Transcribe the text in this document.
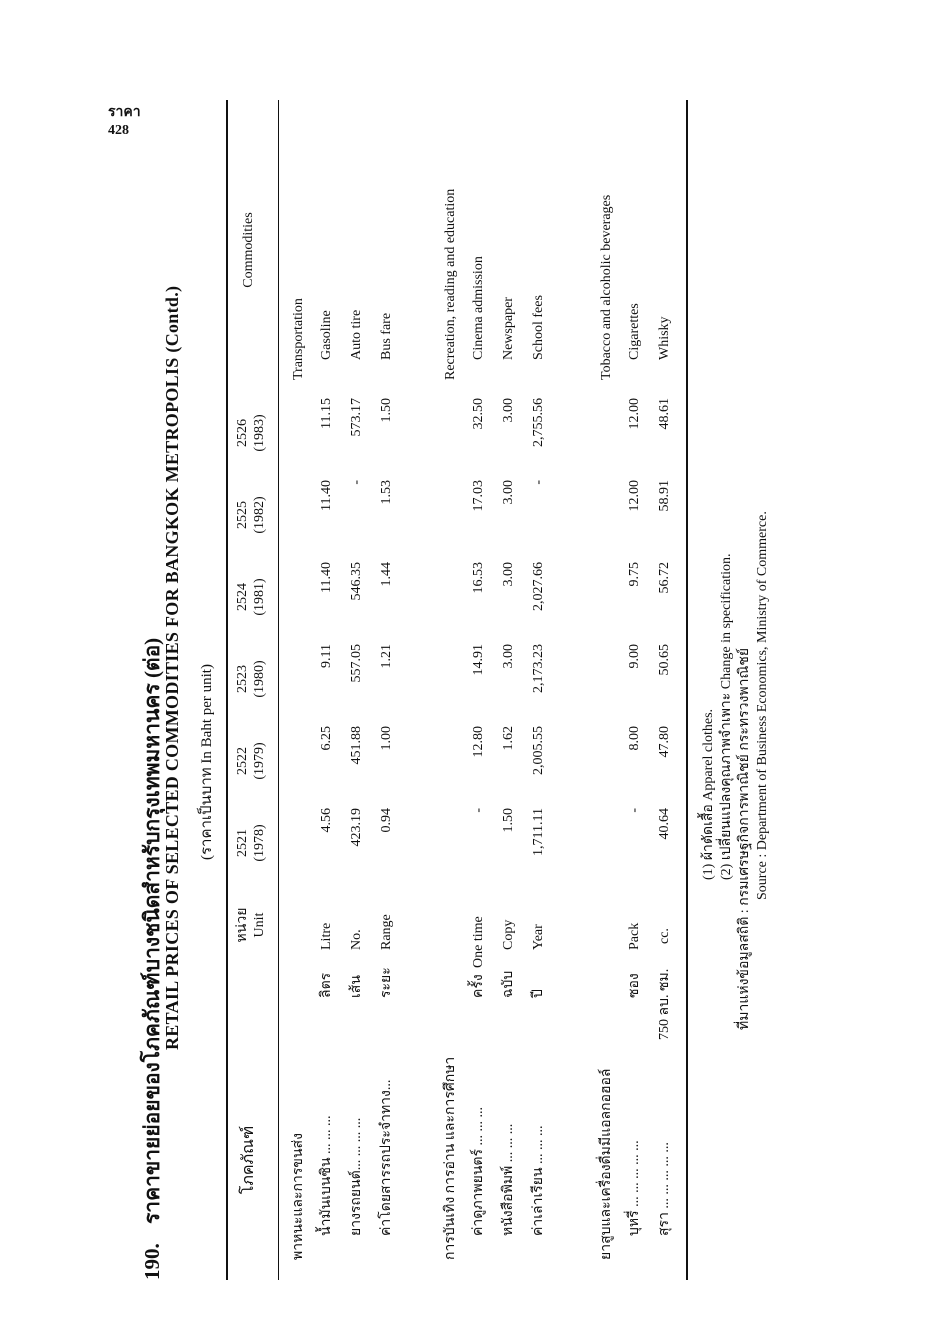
ราคา
428
190. ราคาขายย่อยของโภคภัณฑ์บางชนิดสำหรับกรุงเทพมหานคร (ต่อ)
RETAIL PRICES OF SELECTED COMMODITIES FOR BANGKOK METROPOLIS (Contd.)	(ราคาเป็นบาท In Baht per unit)
โภคภัณฑ์
หน่วย Unit
2521 (1978)
2522 (1979)
2523 (1980)
2524 (1981)
2525 (1982)
2526 (1983)
Commodities
พาหนะและการขนส่ง
Transportation
น้ำมันเบนซิน ... ... ...
ลิตร
Litre
4.56
6.25
9.11
11.40
11.40
11.15
Gasoline
ยางรถยนต์... ... ... ...
เส้น
No.
423.19
451.88
557.05
546.35
-
573.17
Auto tire
ค่าโดยสารรถประจำทาง...
ระยะ
Range
0.94
1.00
1.21
1.44
1.53
1.50
Bus fare
การบันเทิง การอ่าน และการศึกษา
Recreation, reading and education
ค่าดูภาพยนตร์ ... ... ...
ครั้ง
One time
-
12.80
14.91
16.53
17.03
32.50
Cinema admission
หนังสือพิมพ์ ... ... ...
ฉบับ
Copy
1.50
1.62
3.00
3.00
3.00
3.00
Newspaper
ค่าเล่าเรียน ... ... ...
ปี
Year
1,711.11
2,005.55
2,173.23
2,027.66
-
2,755.56
School fees
ยาสูบและเครื่องดื่มมีแอลกอฮอล์
Tobacco and alcoholic beverages
บุหรี่ ... ... ... ... ...
ซอง
Pack
-
8.00
9.00
9.75
12.00
12.00
Cigarettes
สุรา ... ... ... ... ...
750 ลบ. ซม.
cc.
40.64
47.80
50.65
56.72
58.91
48.61
Whisky
(1) ผ้าตัดเสื้อ Apparel clothes. (2) เปลี่ยนแปลงคุณภาพจำเพาะ Change in specification. ที่มาแห่งข้อมูลสถิติ : กรมเศรษฐกิจการพาณิชย์ กระทรวงพาณิชย์ Source : Department of Business Economics, Ministry of Commerce.
